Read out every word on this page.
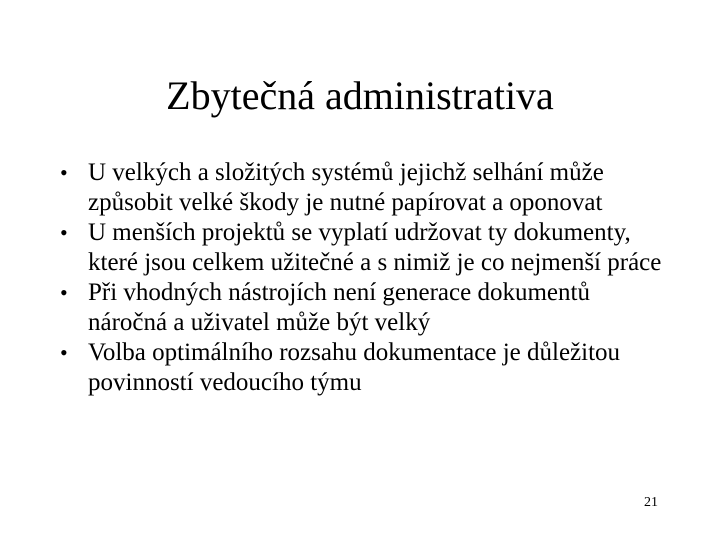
Zbytečná administrativa
• U velkých a složitých systémů jejichž selhání může způsobit velké škody je nutné papírovat a oponovat
• U menších projektů se vyplatí udržovat ty dokumenty, které jsou celkem užitečné a s nimiž je co nejmenší práce
• Při vhodných nástrojích není generace dokumentů náročná a uživatel může být velký
• Volba optimálního rozsahu dokumentace je důležitou povinností vedoucího týmu
21
